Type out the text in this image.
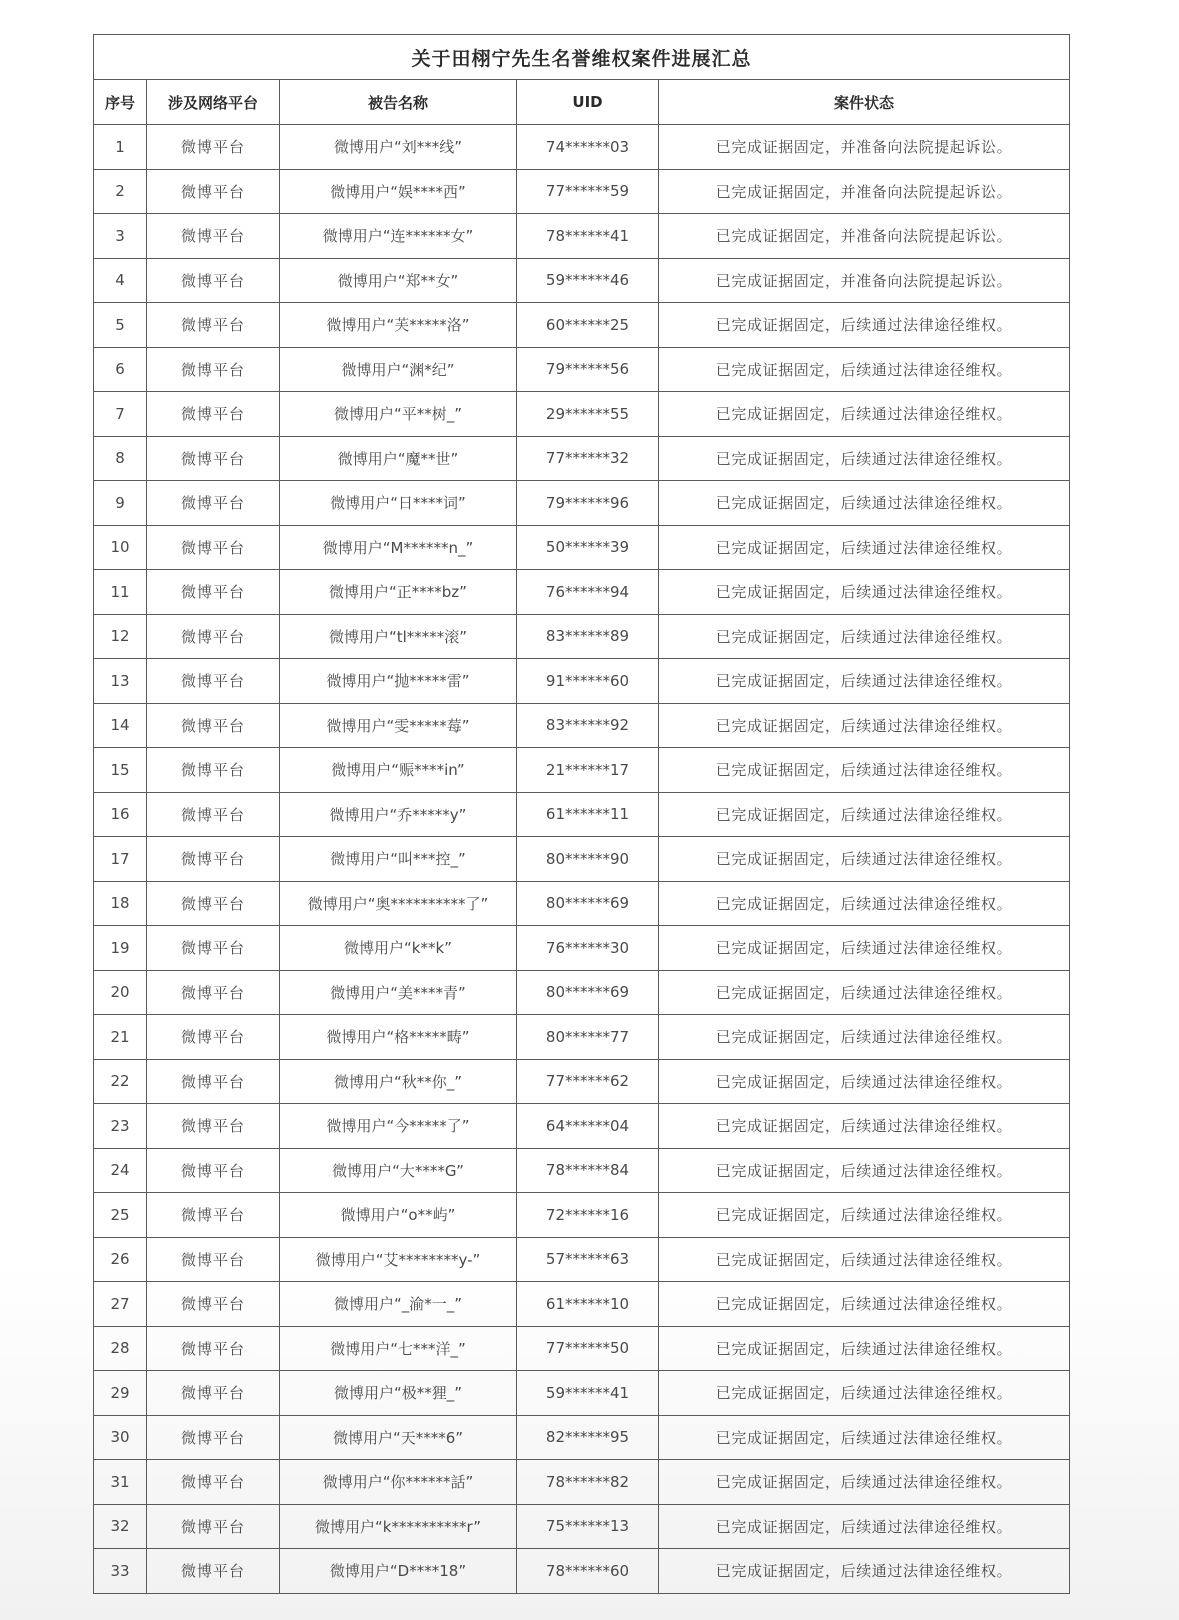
关于田栩宁先生名誉维权案件进展汇总				
序号	涉及网络平台	被告名称	UID	案件状态
1	微博平台	微博用户“刘***线”	74******03	已完成证据固定，并准备向法院提起诉讼。
2	微博平台	微博用户“娱****西”	77******59	已完成证据固定，并准备向法院提起诉讼。
3	微博平台	微博用户“连******女”	78******41	已完成证据固定，并准备向法院提起诉讼。
4	微博平台	微博用户“郑**女”	59******46	已完成证据固定，并准备向法院提起诉讼。
5	微博平台	微博用户“芙*****洛”	60******25	已完成证据固定，后续通过法律途径维权。
6	微博平台	微博用户“渊*纪”	79******56	已完成证据固定，后续通过法律途径维权。
7	微博平台	微博用户“平**树_”	29******55	已完成证据固定，后续通过法律途径维权。
8	微博平台	微博用户“魔**世”	77******32	已完成证据固定，后续通过法律途径维权。
9	微博平台	微博用户“日****词”	79******96	已完成证据固定，后续通过法律途径维权。
10	微博平台	微博用户“M******n_”	50******39	已完成证据固定，后续通过法律途径维权。
11	微博平台	微博用户“正****bz”	76******94	已完成证据固定，后续通过法律途径维权。
12	微博平台	微博用户“tl*****滚”	83******89	已完成证据固定，后续通过法律途径维权。
13	微博平台	微博用户“抛*****雷”	91******60	已完成证据固定，后续通过法律途径维权。
14	微博平台	微博用户“雯*****莓”	83******92	已完成证据固定，后续通过法律途径维权。
15	微博平台	微博用户“赈****in”	21******17	已完成证据固定，后续通过法律途径维权。
16	微博平台	微博用户“乔*****y”	61******11	已完成证据固定，后续通过法律途径维权。
17	微博平台	微博用户“叫***控_”	80******90	已完成证据固定，后续通过法律途径维权。
18	微博平台	微博用户“奥**********了”	80******69	已完成证据固定，后续通过法律途径维权。
19	微博平台	微博用户“k**k”	76******30	已完成证据固定，后续通过法律途径维权。
20	微博平台	微博用户“美****青”	80******69	已完成证据固定，后续通过法律途径维权。
21	微博平台	微博用户“格*****畴”	80******77	已完成证据固定，后续通过法律途径维权。
22	微博平台	微博用户“秋**你_”	77******62	已完成证据固定，后续通过法律途径维权。
23	微博平台	微博用户“今*****了”	64******04	已完成证据固定，后续通过法律途径维权。
24	微博平台	微博用户“大****G”	78******84	已完成证据固定，后续通过法律途径维权。
25	微博平台	微博用户“o**屿”	72******16	已完成证据固定，后续通过法律途径维权。
26	微博平台	微博用户“艾********y-”	57******63	已完成证据固定，后续通过法律途径维权。
27	微博平台	微博用户“_渝*一_”	61******10	已完成证据固定，后续通过法律途径维权。
28	微博平台	微博用户“七***洋_”	77******50	已完成证据固定，后续通过法律途径维权。
29	微博平台	微博用户“极**狸_”	59******41	已完成证据固定，后续通过法律途径维权。
30	微博平台	微博用户“天****6”	82******95	已完成证据固定，后续通过法律途径维权。
31	微博平台	微博用户“你******話”	78******82	已完成证据固定，后续通过法律途径维权。
32	微博平台	微博用户“k**********r”	75******13	已完成证据固定，后续通过法律途径维权。
33	微博平台	微博用户“D****18”	78******60	已完成证据固定，后续通过法律途径维权。
